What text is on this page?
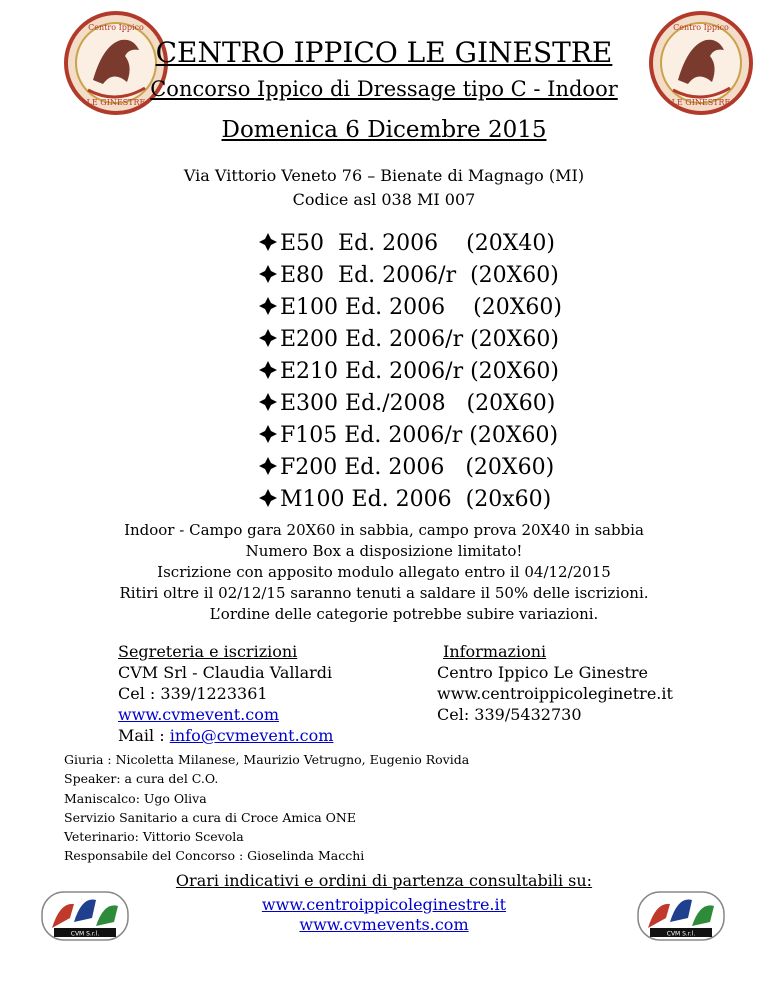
Centro Ippico
LE GINESTRE
Centro Ippico
LE GINESTRE
CENTRO IPPICO LE GINESTRE
Concorso Ippico di Dressage tipo C - Indoor
Domenica 6 Dicembre 2015
Via Vittorio Veneto 76 – Bienate di Magnago (MI)
Codice asl 038 MI 007
E50  Ed. 2006    (20X40)
E80  Ed. 2006/r  (20X60)
E100 Ed. 2006    (20X60)
E200 Ed. 2006/r (20X60)
E210 Ed. 2006/r (20X60)
E300 Ed./2008   (20X60)
F105 Ed. 2006/r (20X60)
F200 Ed. 2006   (20X60)
M100 Ed. 2006  (20x60)
Indoor - Campo gara 20X60 in sabbia, campo prova 20X40 in sabbia
Numero Box a disposizione limitato!
Iscrizione con apposito modulo allegato entro il 04/12/2015
Ritiri oltre il 02/12/15 saranno tenuti a saldare il 50% delle iscrizioni.
L’ordine delle categorie potrebbe subire variazioni.
Segreteria e iscrizioni
CVM Srl - Claudia Vallardi
Cel : 339/1223361
www.cvmevent.com
Mail : info@cvmevent.com
Informazioni
Centro Ippico Le Ginestre
www.centroippicoleginetre.it
Cel: 339/5432730
Giuria : Nicoletta Milanese, Maurizio Vetrugno, Eugenio Rovida
Speaker: a cura del C.O.
Maniscalco: Ugo Oliva
Servizio Sanitario a cura di Croce Amica ONE
Veterinario: Vittorio Scevola
Responsabile del Concorso : Gioselinda Macchi
Orari indicativi e ordini di partenza consultabili su:
www.centroippicoleginestre.it
www.cvmevents.com
CVM S.r.l.	CVM S.r.l.
